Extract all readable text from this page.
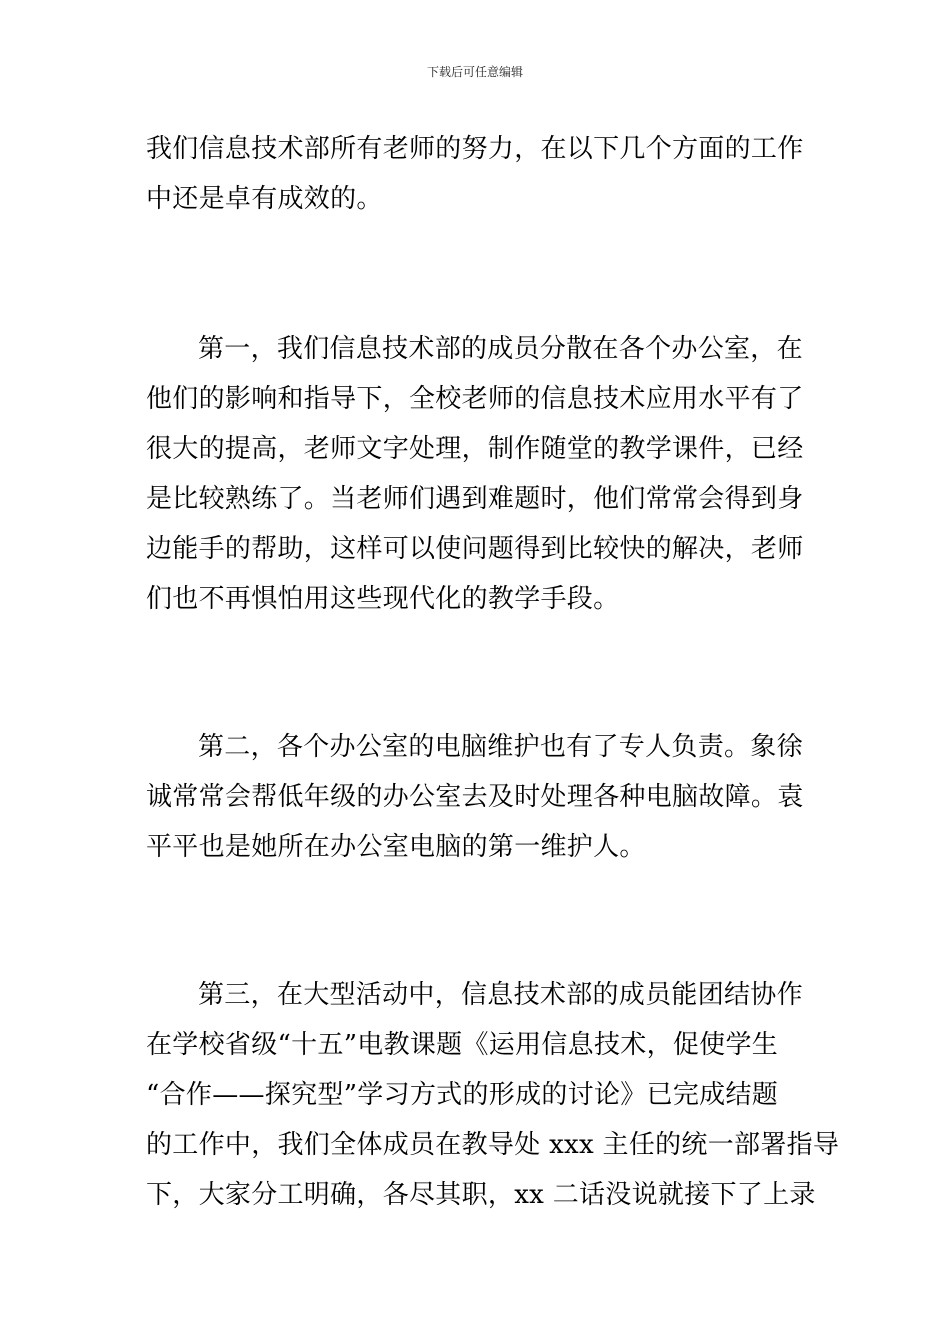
下载后可任意编辑
我们信息技术部所有老师的努力，在以下几个方面的工作
中还是卓有成效的。
第一，我们信息技术部的成员分散在各个办公室，在
他们的影响和指导下，全校老师的信息技术应用水平有了
很大的提高，老师文字处理，制作随堂的教学课件，已经
是比较熟练了。当老师们遇到难题时，他们常常会得到身
边能手的帮助，这样可以使问题得到比较快的解决，老师
们也不再惧怕用这些现代化的教学手段。
第二，各个办公室的电脑维护也有了专人负责。象徐
诚常常会帮低年级的办公室去及时处理各种电脑故障。袁
平平也是她所在办公室电脑的第一维护人。
第三，在大型活动中，信息技术部的成员能团结协作
在学校省级“十五”电教课题《运用信息技术，促使学生
“合作——探究型”学习方式的形成的讨论》已完成结题
的工作中，我们全体成员在教导处 xxx 主任的统一部署指导
下，大家分工明确，各尽其职，xx 二话没说就接下了上录
